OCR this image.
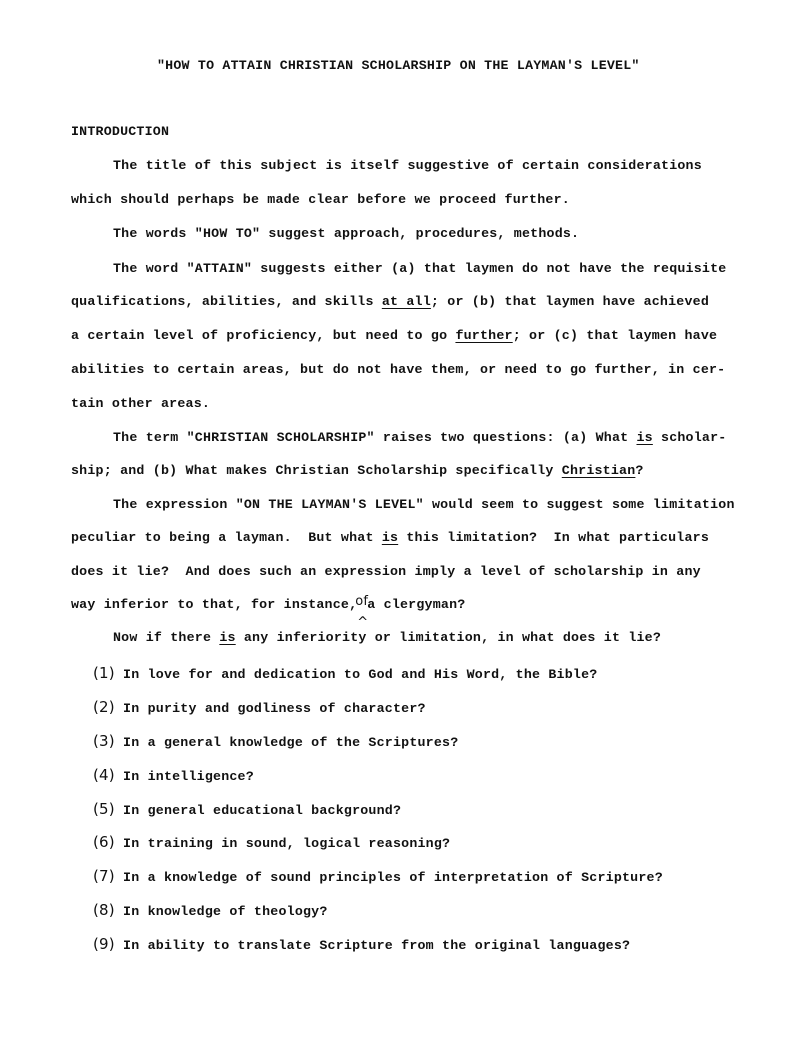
"HOW TO ATTAIN CHRISTIAN SCHOLARSHIP ON THE LAYMAN'S LEVEL"
INTRODUCTION
The title of this subject is itself suggestive of certain considerations
which should perhaps be made clear before we proceed further.
The words "HOW TO" suggest approach, procedures, methods.
The word "ATTAIN" suggests either (a) that laymen do not have the requisite
qualifications, abilities, and skills at all; or (b) that laymen have achieved
a certain level of proficiency, but need to go further; or (c) that laymen have
abilities to certain areas, but do not have them, or need to go further, in cer-
tain other areas.
The term "CHRISTIAN SCHOLARSHIP" raises two questions: (a) What is scholar-
ship; and (b) What makes Christian Scholarship specifically Christian?
The expression "ON THE LAYMAN'S LEVEL" would seem to suggest some limitation
peculiar to being a layman.  But what is this limitation?  In what particulars
does it lie?  And does such an expression imply a level of scholarship in any
way inferior to that, for instance,
of
^
a clergyman?
Now if there is any inferiority or limitation, in what does it lie?
(1) In love for and dedication to God and His Word, the Bible?
(2) In purity and godliness of character?
(3) In a general knowledge of the Scriptures?
(4) In intelligence?
(5) In general educational background?
(6) In training in sound, logical reasoning?
(7) In a knowledge of sound principles of interpretation of Scripture?
(8) In knowledge of theology?
(9) In ability to translate Scripture from the original languages?
